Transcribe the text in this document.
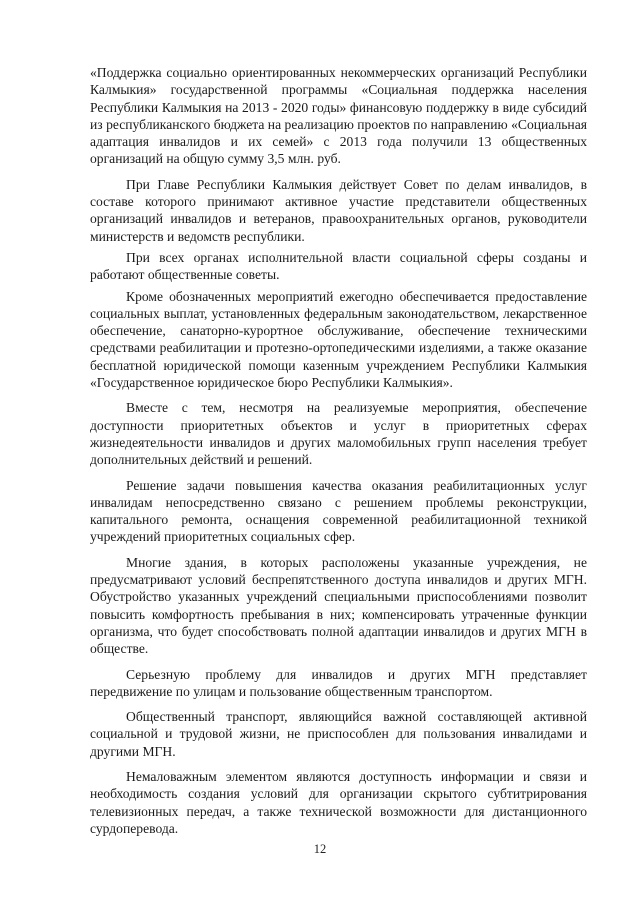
«Поддержка социально ориентированных некоммерческих организаций Республики Калмыкия» государственной программы «Социальная поддержка населения Республики Калмыкия на 2013 - 2020 годы» финансовую поддержку в виде субсидий из республиканского бюджета на реализацию проектов по направлению «Социальная адаптация инвалидов и их семей» с 2013 года получили 13 общественных организаций на общую сумму 3,5 млн. руб.

При Главе Республики Калмыкия действует Совет по делам инвалидов, в составе которого принимают активное участие представители общественных организаций инвалидов и ветеранов, правоохранительных органов, руководители министерств и ведомств республики.

При всех органах исполнительной власти социальной сферы созданы и работают общественные советы.

Кроме обозначенных мероприятий ежегодно обеспечивается предоставление социальных выплат, установленных федеральным законодательством, лекарственное обеспечение, санаторно-курортное обслуживание, обеспечение техническими средствами реабилитации и протезно-ортопедическими изделиями, а также оказание бесплатной юридической помощи казенным учреждением Республики Калмыкия «Государственное юридическое бюро Республики Калмыкия».

Вместе с тем, несмотря на реализуемые мероприятия, обеспечение доступности приоритетных объектов и услуг в приоритетных сферах жизнедеятельности инвалидов и других маломобильных групп населения требует дополнительных действий и решений.

Решение задачи повышения качества оказания реабилитационных услуг инвалидам непосредственно связано с решением проблемы реконструкции, капитального ремонта, оснащения современной реабилитационной техникой учреждений приоритетных социальных сфер.

Многие здания, в которых расположены указанные учреждения, не предусматривают условий беспрепятственного доступа инвалидов и других МГН. Обустройство указанных учреждений специальными приспособлениями позволит повысить комфортность пребывания в них; компенсировать утраченные функции организма, что будет способствовать полной адаптации инвалидов и других МГН в обществе.

Серьезную проблему для инвалидов и других МГН представляет передвижение по улицам и пользование общественным транспортом.

Общественный транспорт, являющийся важной составляющей активной социальной и трудовой жизни, не приспособлен для пользования инвалидами и другими МГН.

Немаловажным элементом являются доступность информации и связи и необходимость создания условий для организации скрытого субтитрирования телевизионных передач, а также технической возможности для дистанционного сурдоперевода.

12
